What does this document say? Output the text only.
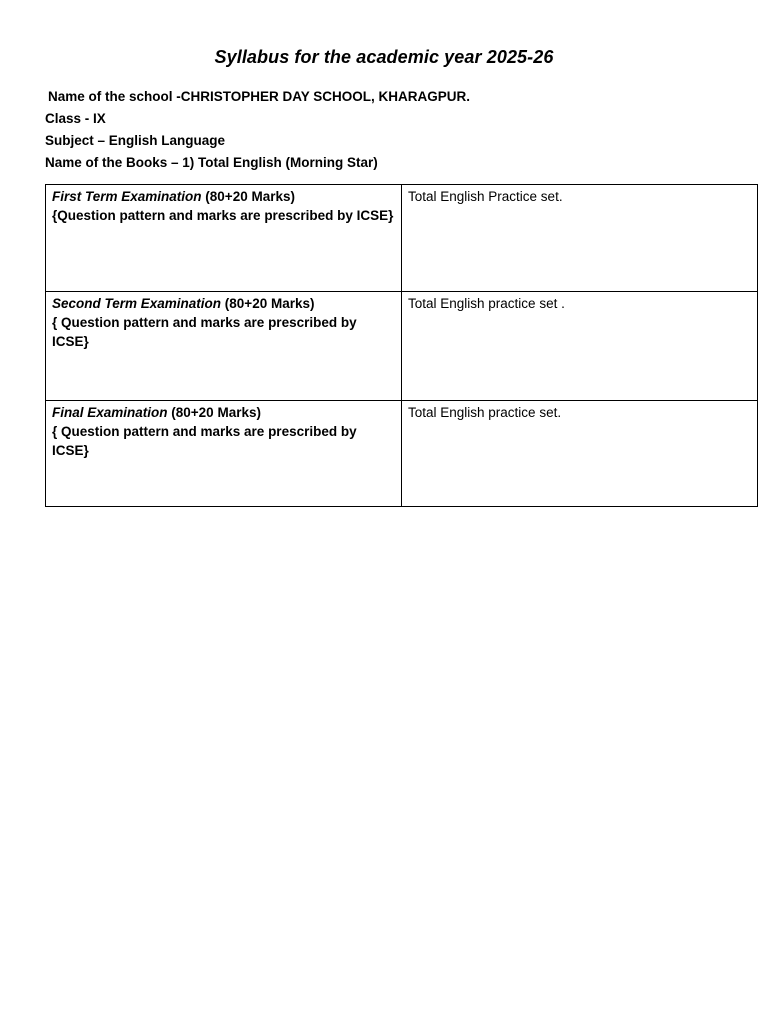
Syllabus for the academic year 2025-26
Name of the school -CHRISTOPHER DAY SCHOOL, KHARAGPUR.
Class - IX
Subject – English Language
Name of the Books – 1) Total English (Morning Star)
First Term Examination (80+20 Marks)
{Question pattern and marks are prescribed by ICSE}	Total English Practice set.
Second Term Examination (80+20 Marks)
{ Question pattern and marks are prescribed by ICSE}	Total English practice set .
Final Examination (80+20 Marks)
{ Question pattern and marks are prescribed by ICSE}	Total English practice set.
